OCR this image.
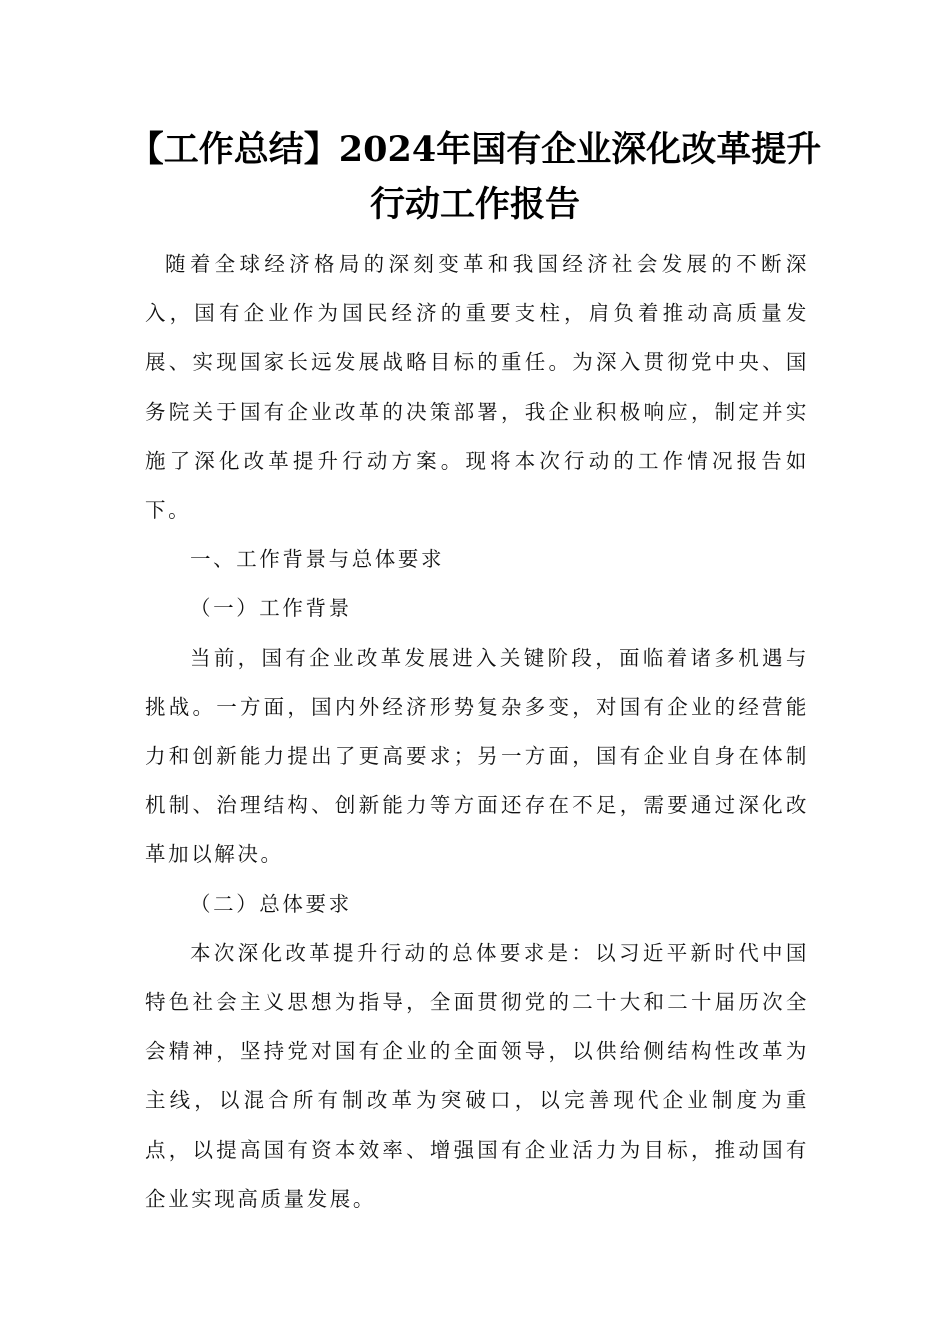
【工作总结】2024年国有企业深化改革提升行动工作报告

随着全球经济格局的深刻变革和我国经济社会发展的不断深入，国有企业作为国民经济的重要支柱，肩负着推动高质量发展、实现国家长远发展战略目标的重任。为深入贯彻党中央、国务院关于国有企业改革的决策部署，我企业积极响应，制定并实施了深化改革提升行动方案。现将本次行动的工作情况报告如下。

一、工作背景与总体要求

（一）工作背景

当前，国有企业改革发展进入关键阶段，面临着诸多机遇与挑战。一方面，国内外经济形势复杂多变，对国有企业的经营能力和创新能力提出了更高要求；另一方面，国有企业自身在体制机制、治理结构、创新能力等方面还存在不足，需要通过深化改革加以解决。

（二）总体要求

本次深化改革提升行动的总体要求是：以习近平新时代中国特色社会主义思想为指导，全面贯彻党的二十大和二十届历次全会精神，坚持党对国有企业的全面领导，以供给侧结构性改革为主线，以混合所有制改革为突破口，以完善现代企业制度为重点，以提高国有资本效率、增强国有企业活力为目标，推动国有企业实现高质量发展。
